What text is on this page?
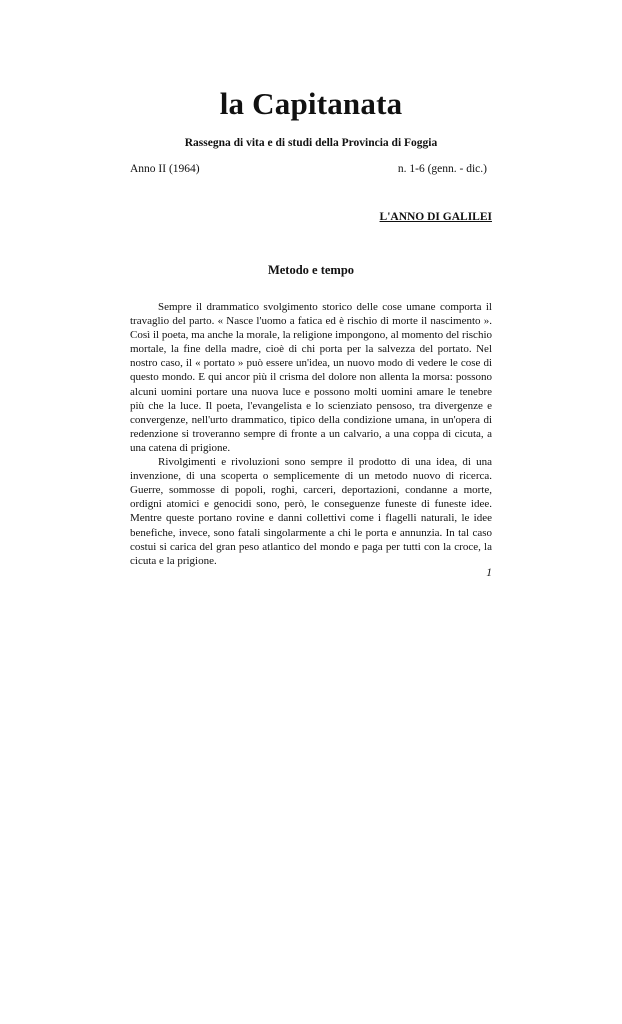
la Capitanata
Rassegna di vita e di studi della Provincia di Foggia
Anno II (1964)	n. 1-6 (genn. - dic.)
L'ANNO DI GALILEI
Metodo e tempo

Sempre il drammatico svolgimento storico delle cose umane comporta il travaglio del parto. « Nasce l'uomo a fatica ed è rischio di morte il nascimento ». Così il poeta, ma anche la morale, la religione impongono, al momento del rischio mortale, la fine della madre, cioè di chi porta per la salvezza del portato. Nel nostro caso, il « portato » può essere un'idea, un nuovo modo di vedere le cose di questo mondo. E qui ancor più il crisma del dolore non allenta la morsa: possono alcuni uomini portare una nuova luce e possono molti uomini amare le tenebre più che la luce. Il poeta, l'evangelista e lo scienziato pensoso, tra divergenze e convergenze, nell'urto drammatico, tipico della condizione umana, in un'opera di redenzione si troveranno sempre di fronte a un calvario, a una coppa di cicuta, a una catena di prigione.

Rivolgimenti e rivoluzioni sono sempre il prodotto di una idea, di una invenzione, di una scoperta o semplicemente di un metodo nuovo di ricerca. Guerre, sommosse di popoli, roghi, carceri, deportazioni, condanne a morte, ordigni atomici e genocidi sono, però, le conseguenze funeste di funeste idee. Mentre queste portano rovine e danni collettivi come i flagelli naturali, le idee benefiche, invece, sono fatali singolarmente a chi le porta e annunzia. In tal caso costui si carica del gran peso atlantico del mondo e paga per tutti con la croce, la cicuta e la prigione.

1
